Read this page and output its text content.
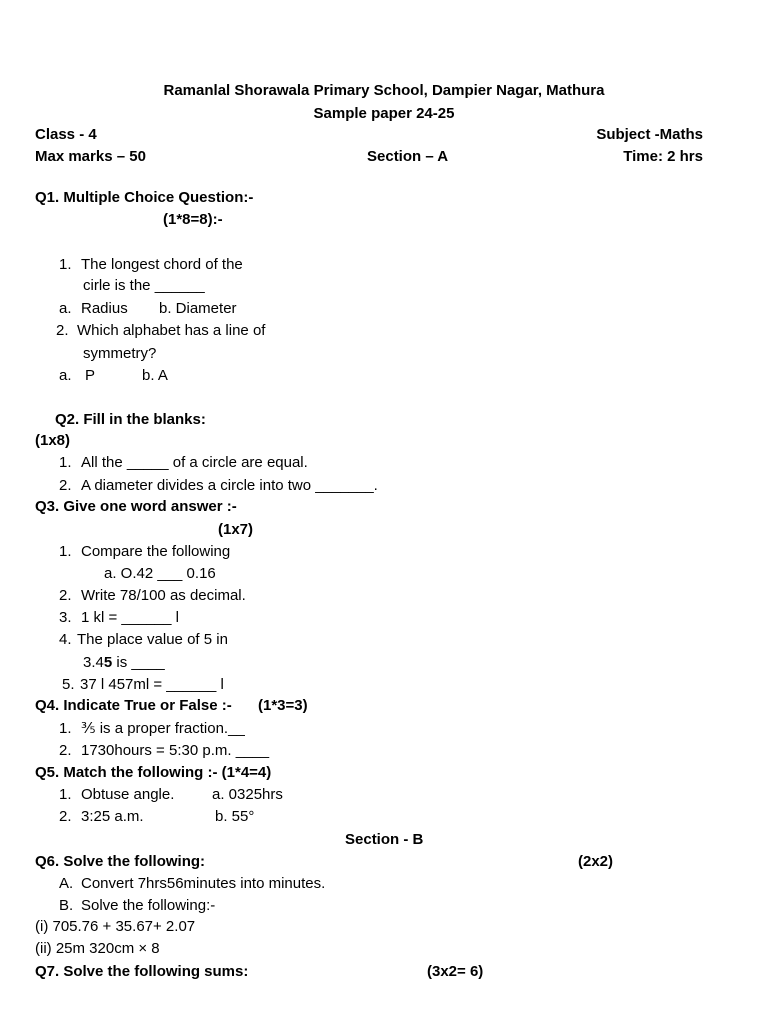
Ramanlal Shorawala Primary School, Dampier Nagar, Mathura
Sample paper 24-25
Class - 4	Subject -Maths
Max marks – 50	Section – A	Time: 2 hrs
Q1. Multiple Choice Question:-
(1*8=8):-
1. The longest chord of the
cirle is the ______
a. Radius b. Diameter
2. Which alphabet has a line of
symmetry?
a. P	b. A
Q2. Fill in the blanks:
(1x8)
1. All the _____ of a circle are equal.
2. A diameter divides a circle into two _______.
Q3. Give one word answer :-
(1x7)
1. Compare the following
a. O.42 ___ 0.16
2. Write 78/100 as decimal.
3. 1 kl = ______ l
4. The place value of 5 in
3.45 is ____
5. 37 l 457ml = ______ l
Q4. Indicate True or False :- (1*3=3)
1. ⅗ is a proper fraction.__
2. 1730hours = 5:30 p.m. ____
Q5. Match the following :- (1*4=4)
1. Obtuse angle.	a. 0325hrs
2. 3:25 a.m.	b. 55°
Section - B
Q6. Solve the following:	(2x2)
A. Convert 7hrs56minutes into minutes.
B. Solve the following:-
(i) 705.76 + 35.67+ 2.07
(ii) 25m 320cm × 8
Q7. Solve the following sums:	(3x2= 6)
